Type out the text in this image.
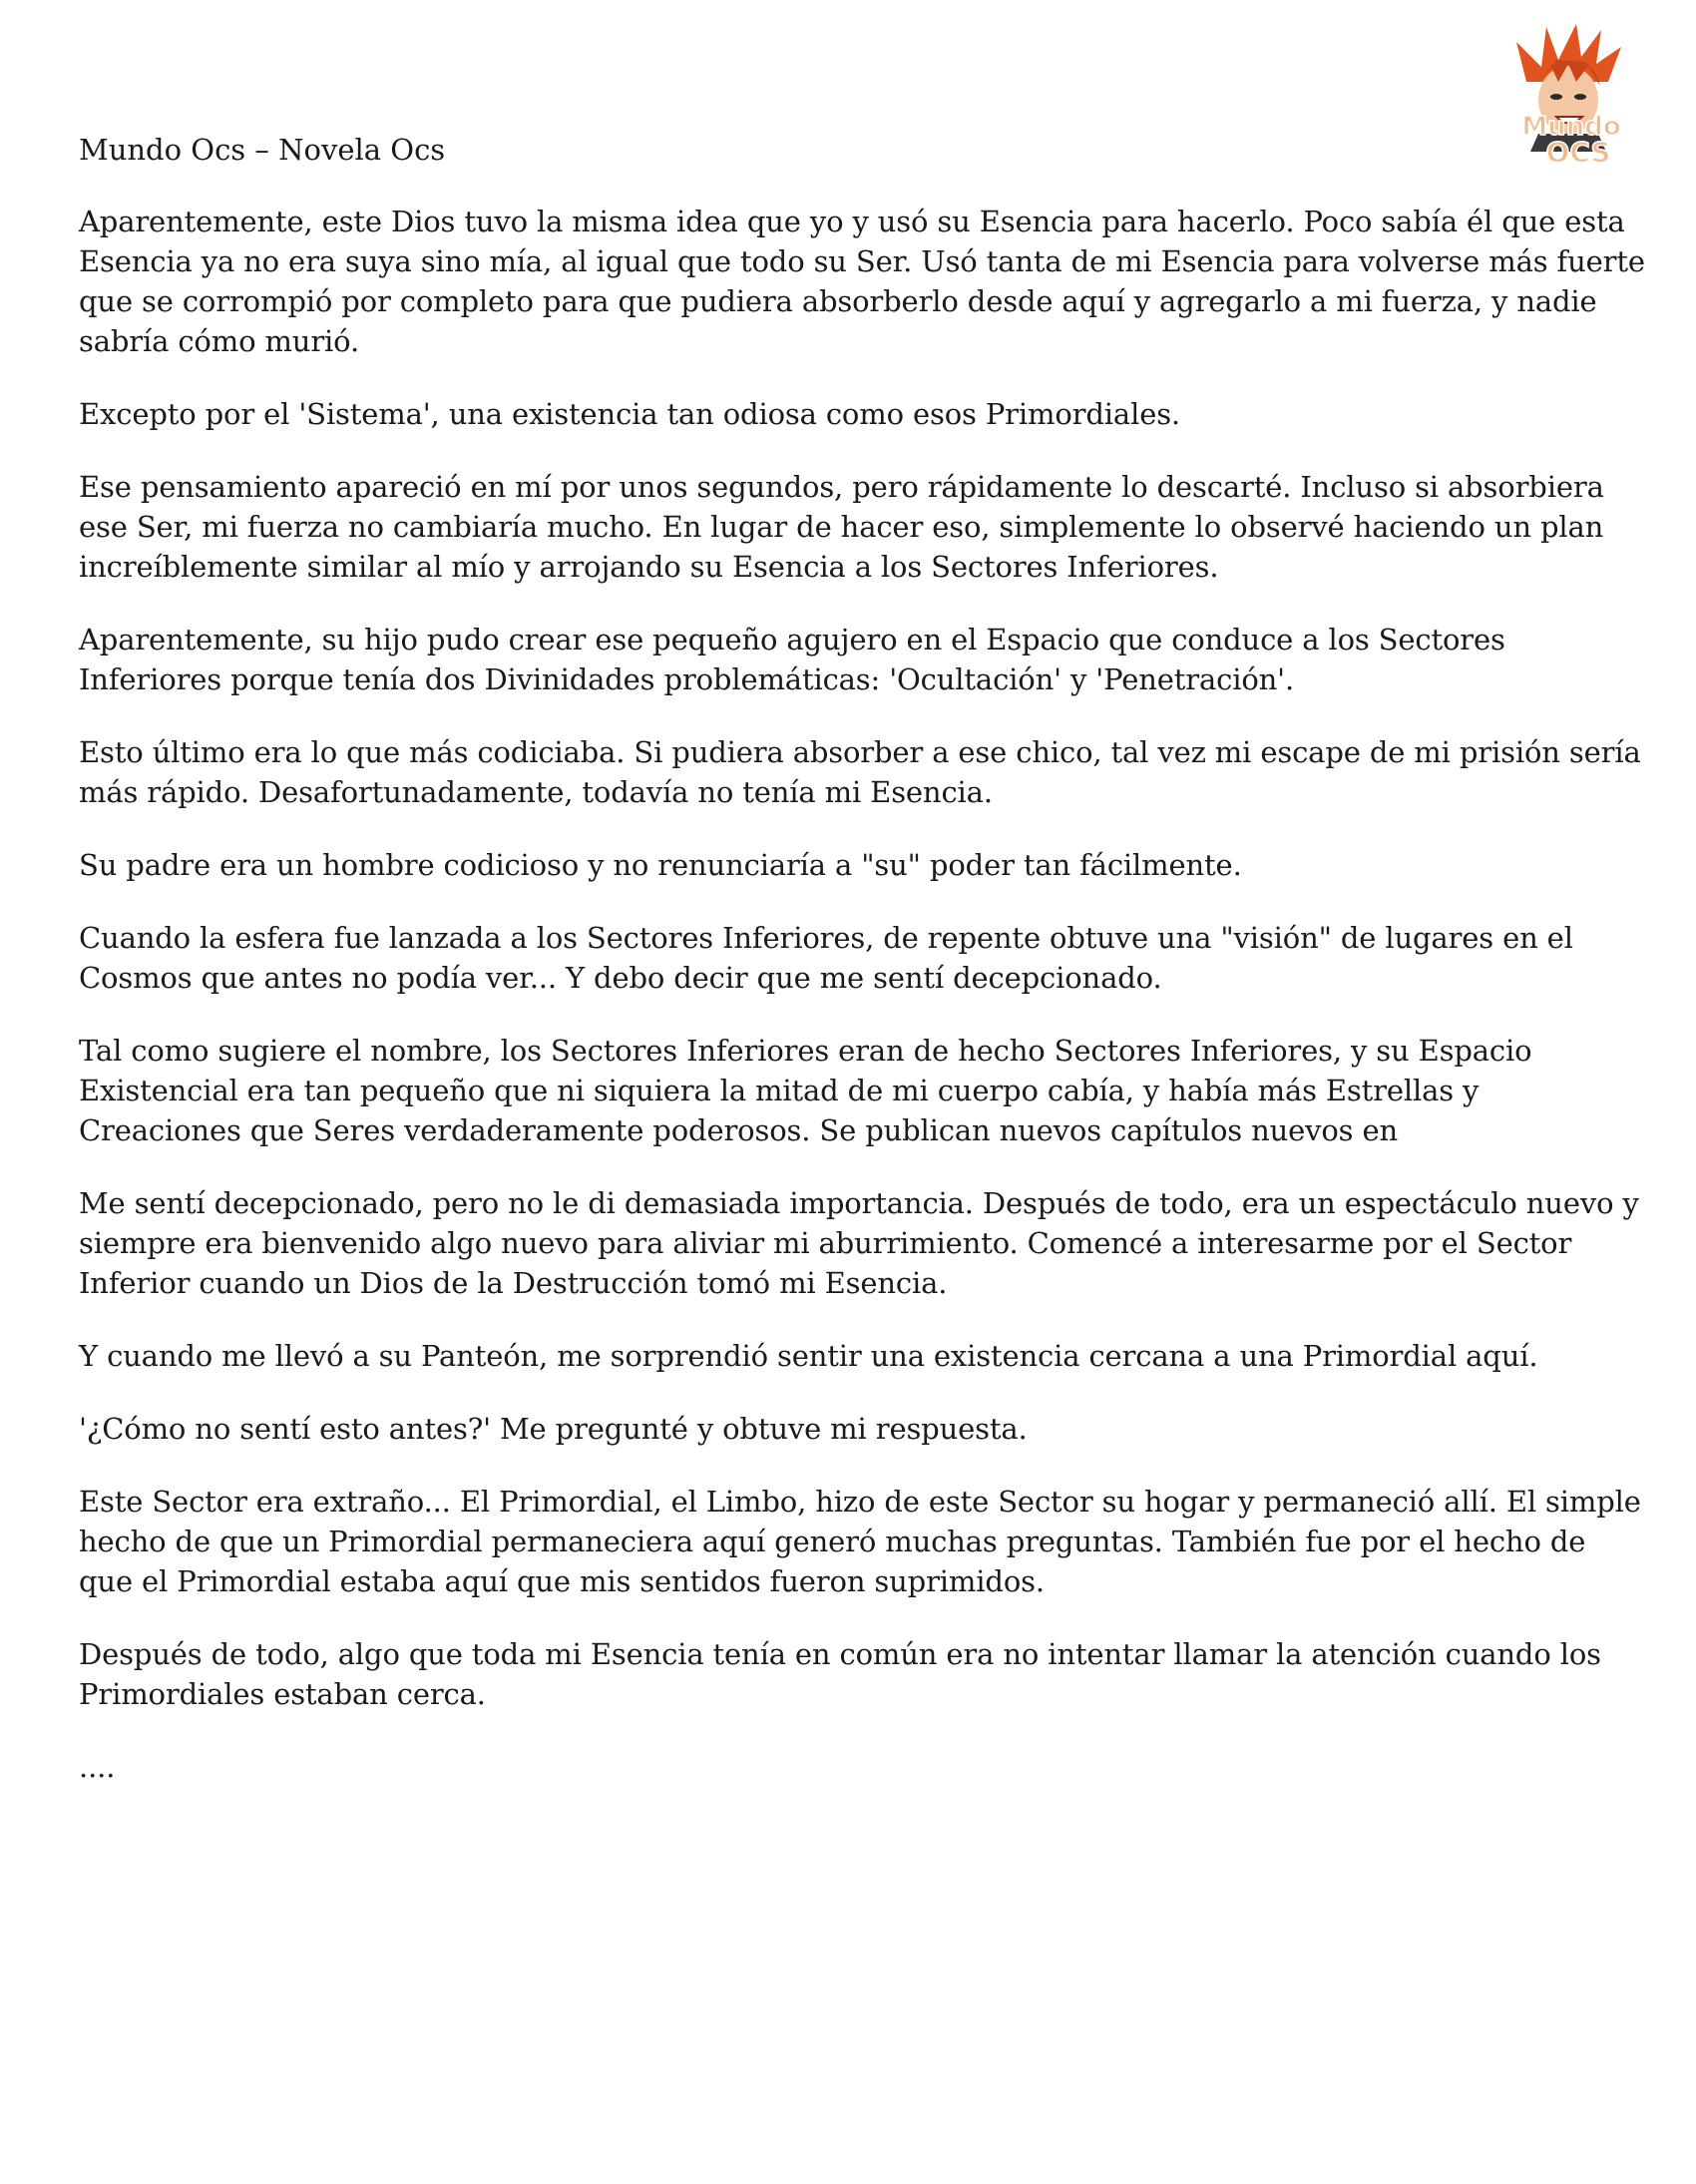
Mundo
OCS
Mundo Ocs – Novela Ocs

Aparentemente, este Dios tuvo la misma idea que yo y usó su Esencia para hacerlo. Poco sabía él que esta Esencia ya no era suya sino mía, al igual que todo su Ser. Usó tanta de mi Esencia para volverse más fuerte que se corrompió por completo para que pudiera absorberlo desde aquí y agregarlo a mi fuerza, y nadie sabría cómo murió.

Excepto por el 'Sistema', una existencia tan odiosa como esos Primordiales.

Ese pensamiento apareció en mí por unos segundos, pero rápidamente lo descarté. Incluso si absorbiera ese Ser, mi fuerza no cambiaría mucho. En lugar de hacer eso, simplemente lo observé haciendo un plan increíblemente similar al mío y arrojando su Esencia a los Sectores Inferiores.

Aparentemente, su hijo pudo crear ese pequeño agujero en el Espacio que conduce a los Sectores Inferiores porque tenía dos Divinidades problemáticas: 'Ocultación' y 'Penetración'.

Esto último era lo que más codiciaba. Si pudiera absorber a ese chico, tal vez mi escape de mi prisión sería más rápido. Desafortunadamente, todavía no tenía mi Esencia.

Su padre era un hombre codicioso y no renunciaría a "su" poder tan fácilmente.

Cuando la esfera fue lanzada a los Sectores Inferiores, de repente obtuve una "visión" de lugares en el Cosmos que antes no podía ver... Y debo decir que me sentí decepcionado.

Tal como sugiere el nombre, los Sectores Inferiores eran de hecho Sectores Inferiores, y su Espacio Existencial era tan pequeño que ni siquiera la mitad de mi cuerpo cabía, y había más Estrellas y Creaciones que Seres verdaderamente poderosos. Se publican nuevos capítulos nuevos en

Me sentí decepcionado, pero no le di demasiada importancia. Después de todo, era un espectáculo nuevo y siempre era bienvenido algo nuevo para aliviar mi aburrimiento. Comencé a interesarme por el Sector Inferior cuando un Dios de la Destrucción tomó mi Esencia.

Y cuando me llevó a su Panteón, me sorprendió sentir una existencia cercana a una Primordial aquí.

'¿Cómo no sentí esto antes?' Me pregunté y obtuve mi respuesta.

Este Sector era extraño... El Primordial, el Limbo, hizo de este Sector su hogar y permaneció allí. El simple hecho de que un Primordial permaneciera aquí generó muchas preguntas. También fue por el hecho de que el Primordial estaba aquí que mis sentidos fueron suprimidos.

Después de todo, algo que toda mi Esencia tenía en común era no intentar llamar la atención cuando los Primordiales estaban cerca.

....
